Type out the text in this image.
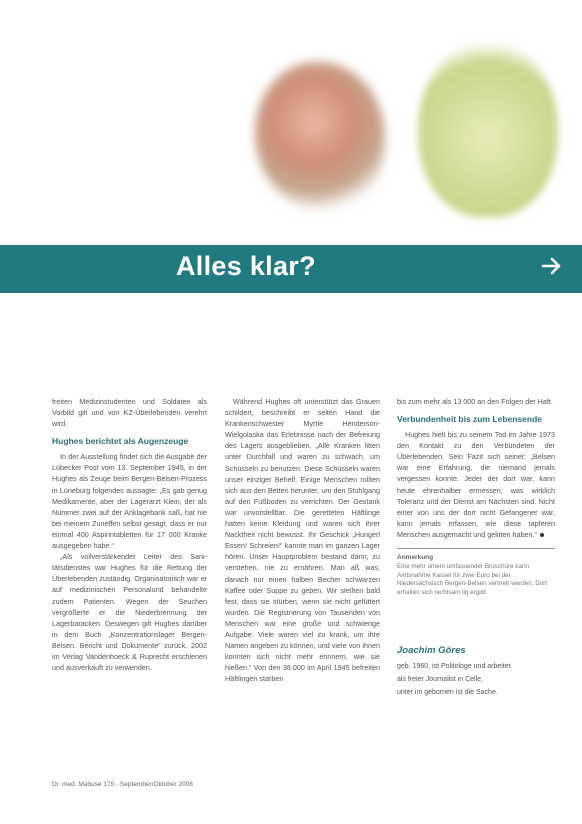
Alles klar?

freiten Medizinstudenten und Soldaten als Vorbild gilt und von KZ-Überlebenden verehrt wird.

Hughes berichtet als Augenzeuge

In der Ausstellung findet sich die Ausgabe der Lübecker Post vom 13. September 1945, in der Hughes als Zeuge beim Bergen-Belsen-Prozess in Lüneburg folgendes aussagte: „Es gab genug Medikamente, aber der Lagerarzt Klein, der als Nummer zwei auf der Anklagebank saß, hat nie bei meinem Zuneffen selbst gesagt, dass er nur einmal 400 Aspirintabletten für 17 000 Kranke ausgegeben habe.“

„Als vollverstärkender Leiter des Sanitätsdienstes war Hughes für die Rettung der Überlebenden zuständig. Organisatorisch war er auf medizinischen Personalund behandelte zudem Patienten. Wegen der Seuchen vergrößerte er die Niederbrennung der Lagerbaracken. Deswegen gilt Hughes darüber in dem Buch „Konzentrationslager Bergen-Belsen. Bericht und Dokumente“ zurück. 2002 im Verlag Vandenhoeck & Ruprecht erschienen und ausverkauft zu verwenden.

Während Hughes oft unterstützt das Grauen schildert, beschreibt er selten Hand die Krankenschwester Myrtle Henderson-Wielgolaska das Erlebnisse nach der Befreiung des Lagers ausgeblieben. „Alle Kranken litten unter Durchfall und waren zu schwach, um Schüsseln zu benutzen. Diese Schüsseln waren unser einziger Behelf. Einige Menschen rollten sich aus den Betten herunter, um den Stuhlgang auf den Fußboden zu verrichten. Der Gestank war unvorstellbar. Die geretteten Häftlinge hatten keine Kleidung und waren sich ihrer Nacktheit nicht bewusst. Ihr Geschick „Hungerl Essen! Schreien!“ kannte man im ganzen Lager hören. Unser Hauptproblem bestand darin, zu verstehen, nie zu ernähren. Man aß was, danach nur einen halben Becher schwarzen Kaffee oder Suppe zu geben. Wir stellten bald fest, dass sie stürben, wenn sie nicht gefüttert wurden. Die Registrierung von Tausenden von Menschen war eine große und schwierige Aufgabe. Viele waren viel zu krank, um ihre Namen angeben zu können, und viele von ihnen konnten sich nicht mehr erinnern, wie sie hießen.“ Von den 38.000 im April 1945 befreiten Häftlingen starben

bis zum mehr als 13 000 an den Folgen der Haft.

Verbundenheit bis zum Lebensende

Hughes hielt bis zu seinem Tod im Jahre 1973 den Kontakt zu den Verbündeten der Überlebenden. Sein Fazit sich seiner: „Belsen war eine Erfahrung, die niemand jemals vergessen konnte. Jeder der dort war, kann heute ehrenhalber ermessen, was wirklich Toleranz und der Dienst am Nächsten sind. Nicht einer von uns der dort nicht Gefangener war, kann jemals erfassen, wie diese tapferen Menschen ausgemacht und gelitten haben.“

Anmerkung
Eine mehr umem umfassender Broschüre kann Amtsnahme Kassel für zwei Euro bei der Niedersächsisch Bergen-Belsen vertrieb werden. Dort erhalten sich rechtsam lig ergibt.
Joachim Göres
geb. 1960, ist Politologe und arbeitet
als freier Journalist in Celle,
unter im gebornen ist die Sache.
Dr. med. Mabuse 175 · September/Oktober 2008
